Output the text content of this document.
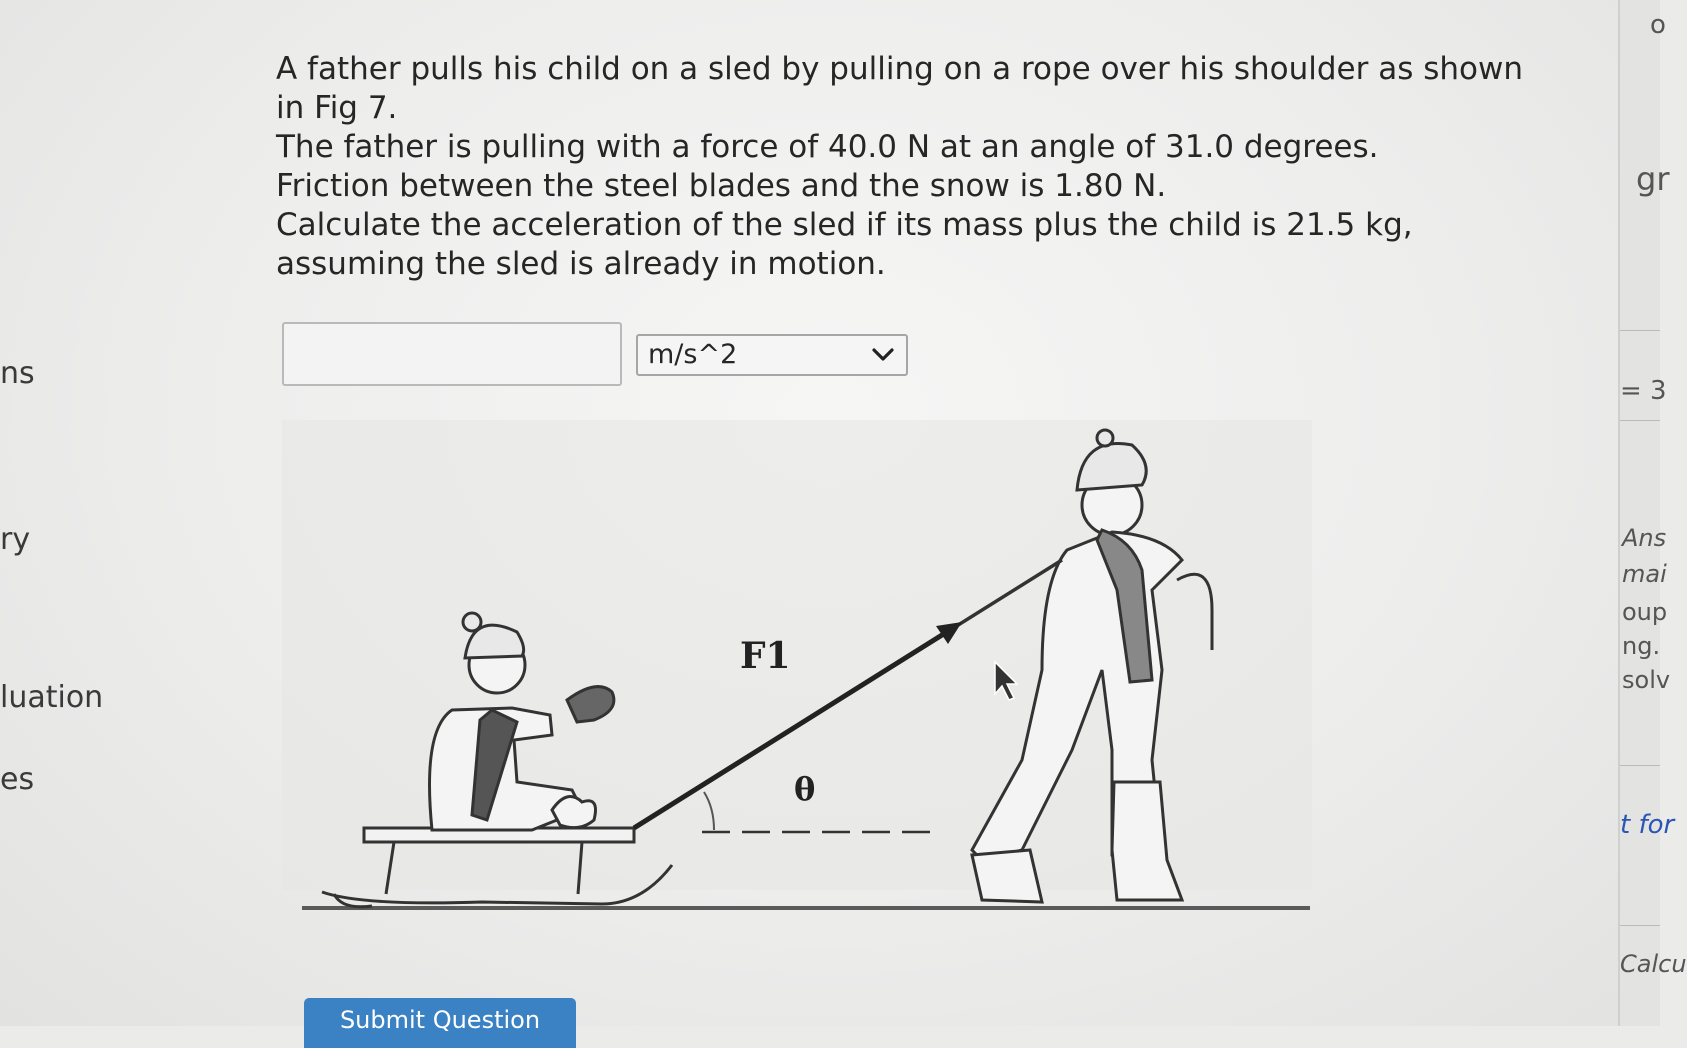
ns
ry
luation
es

A father pulls his child on a sled by pulling on a rope over his shoulder as shown in Fig 7.

The father is pulling with a force of 40.0 N at an angle of 31.0 degrees.

Friction between the steel blades and the snow is 1.80 N.

Calculate the acceleration of the sled if its mass plus the child is 21.5 kg, assuming the sled is already in motion.

m/s^2
F1
θ
Submit Question
o
gr
= 3
Ans
mai
oup
ng.
solv
t for
Calcu
